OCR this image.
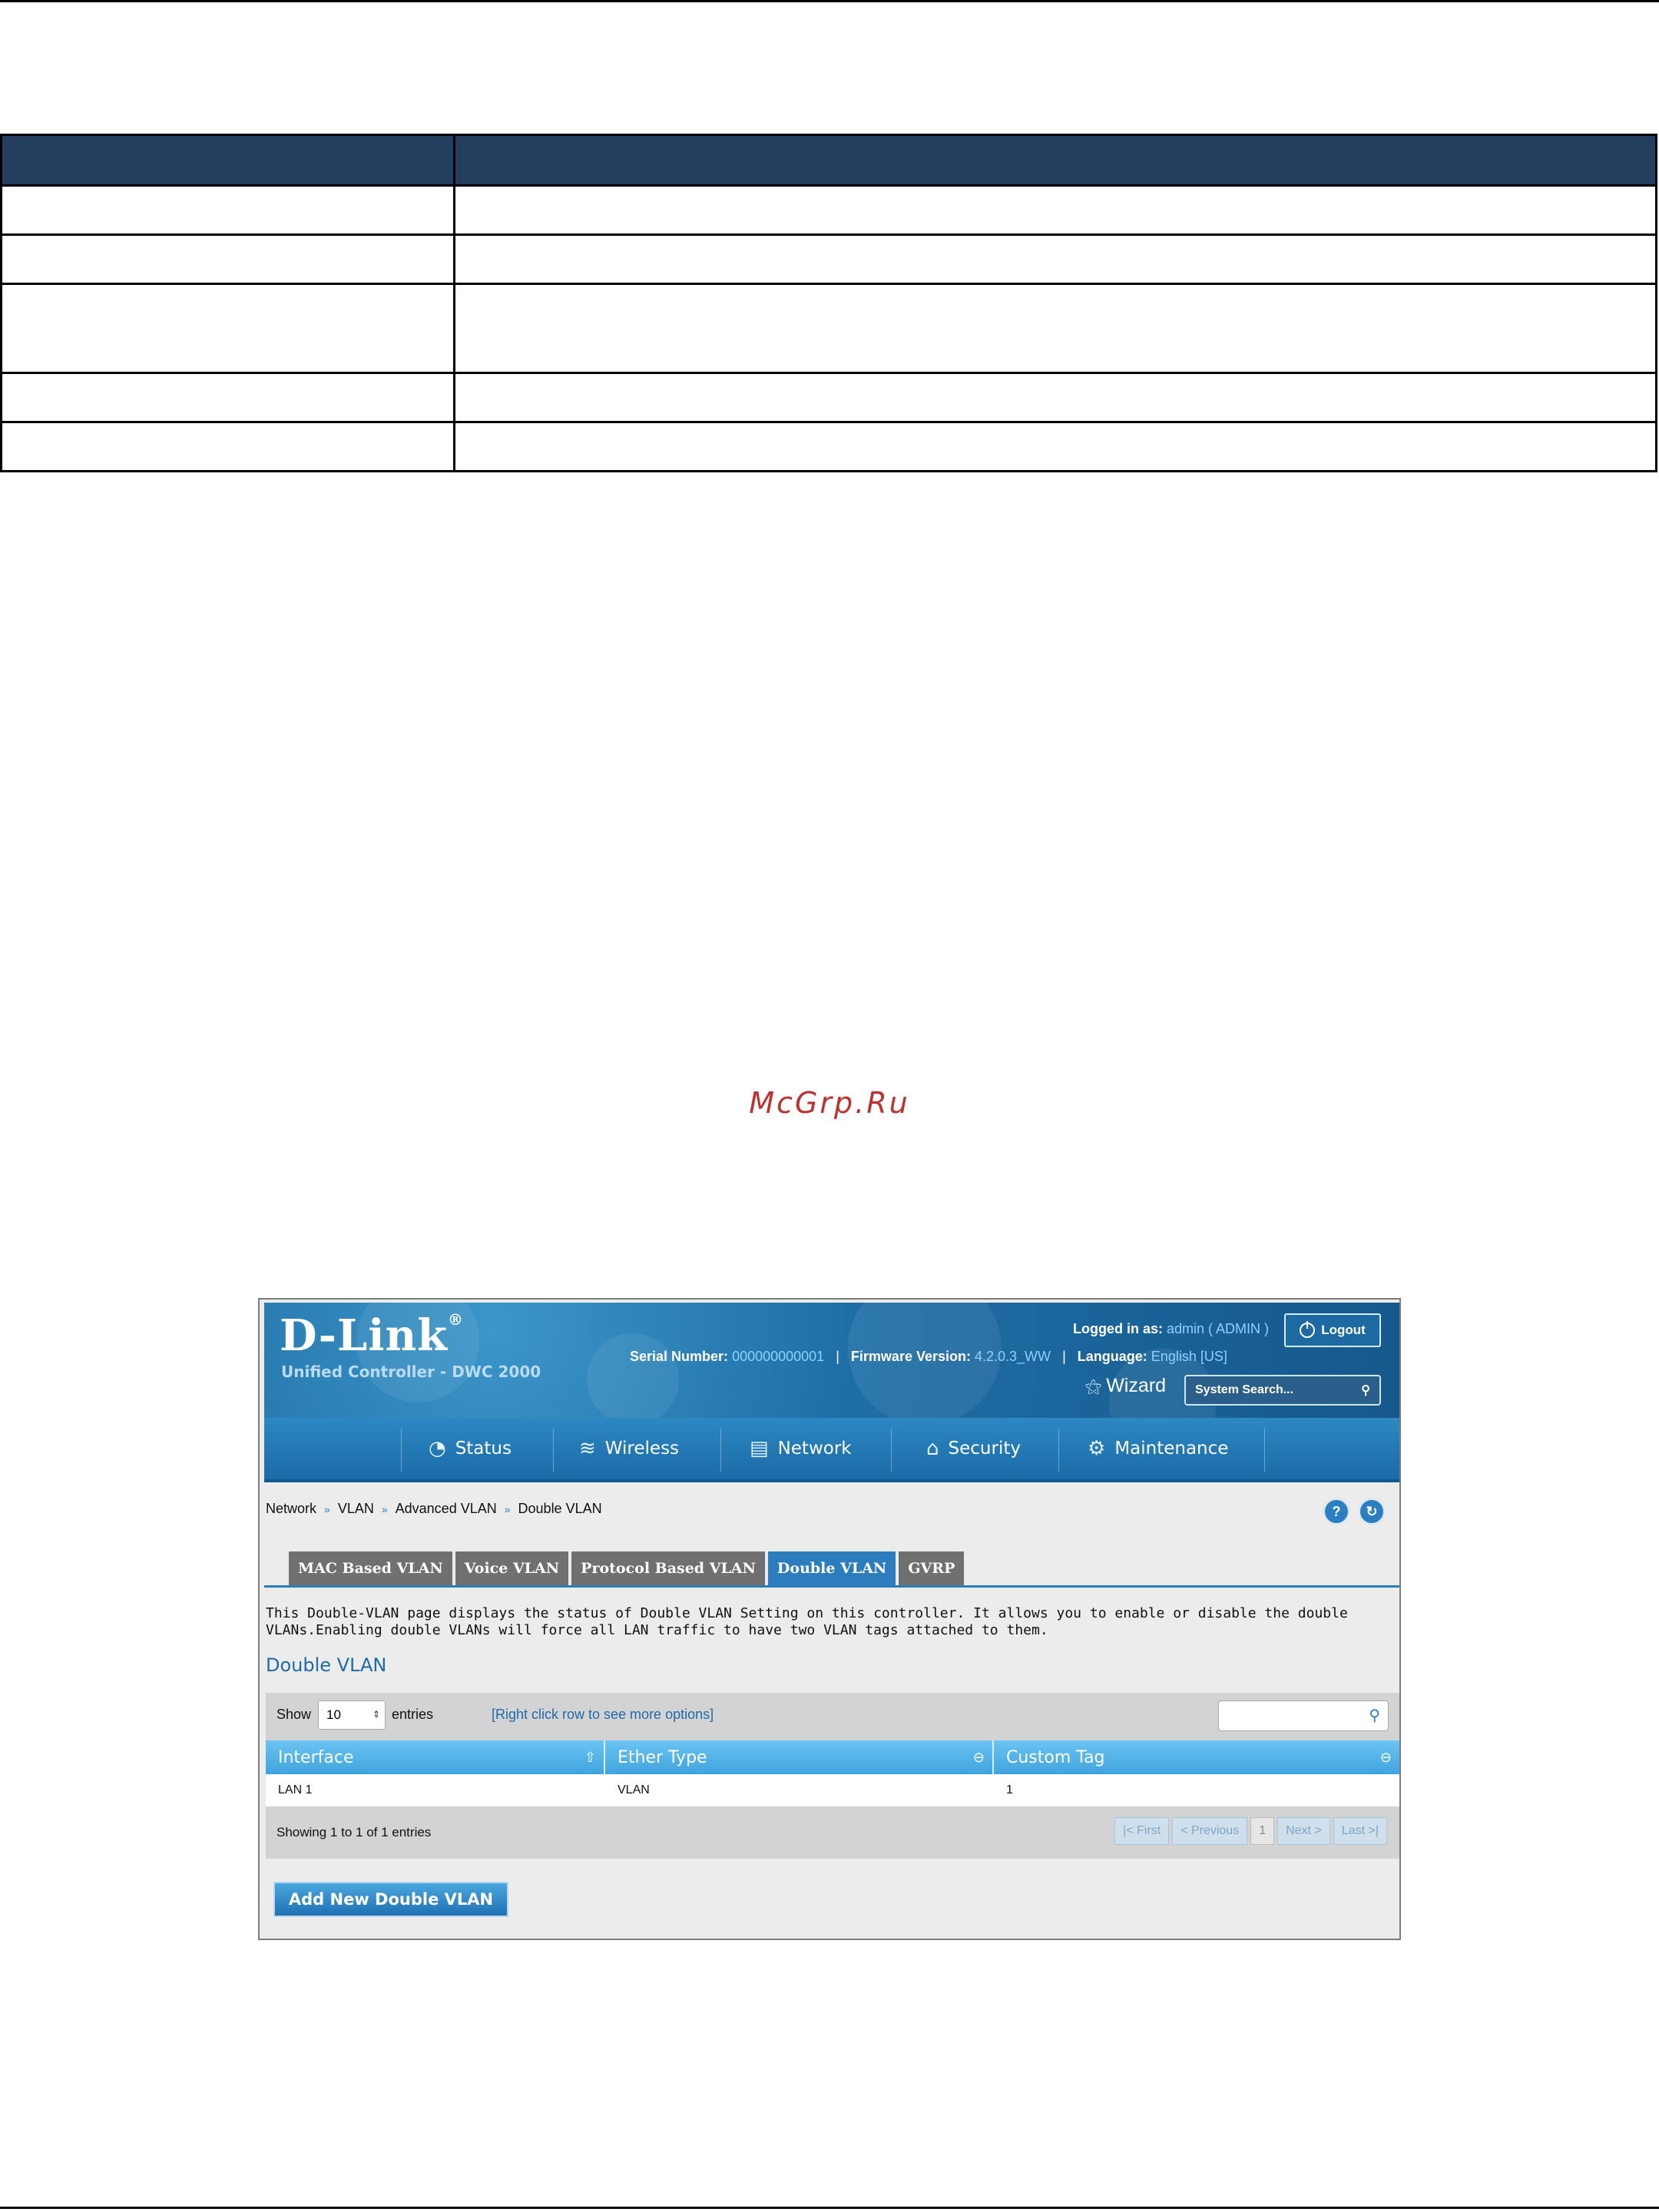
McGrp.Ru
D-Link®
Unified Controller - DWC 2000
Logged in as: admin ( ADMIN )	Logout
Serial Number: 000000000001 | Firmware Version: 4.2.0.3_WW | Language: English [US]
⚝ Wizard System Search...	⚲
◔ Status	≋ Wireless	▤ Network	⌂ Security	⚙ Maintenance
Network » VLAN » Advanced VLAN » Double VLAN	?	↻
MAC Based VLAN	Voice VLAN	Protocol Based VLAN	Double VLAN	GVRP
This Double-VLAN page displays the status of Double VLAN Setting on this controller. It allows you to enable or disable the double VLANs.Enabling double VLANs will force all LAN traffic to have two VLAN tags attached to them.
Double VLAN
Show 10	⇕ entries	[Right click row to see more options]	⚲
Interface	⇧ Ether Type	⊖ Custom Tag	⊖
LAN 1	VLAN	1
Showing 1 to 1 of 1 entries	|< First < Previous	1	Next > Last >|
Add New Double VLAN
